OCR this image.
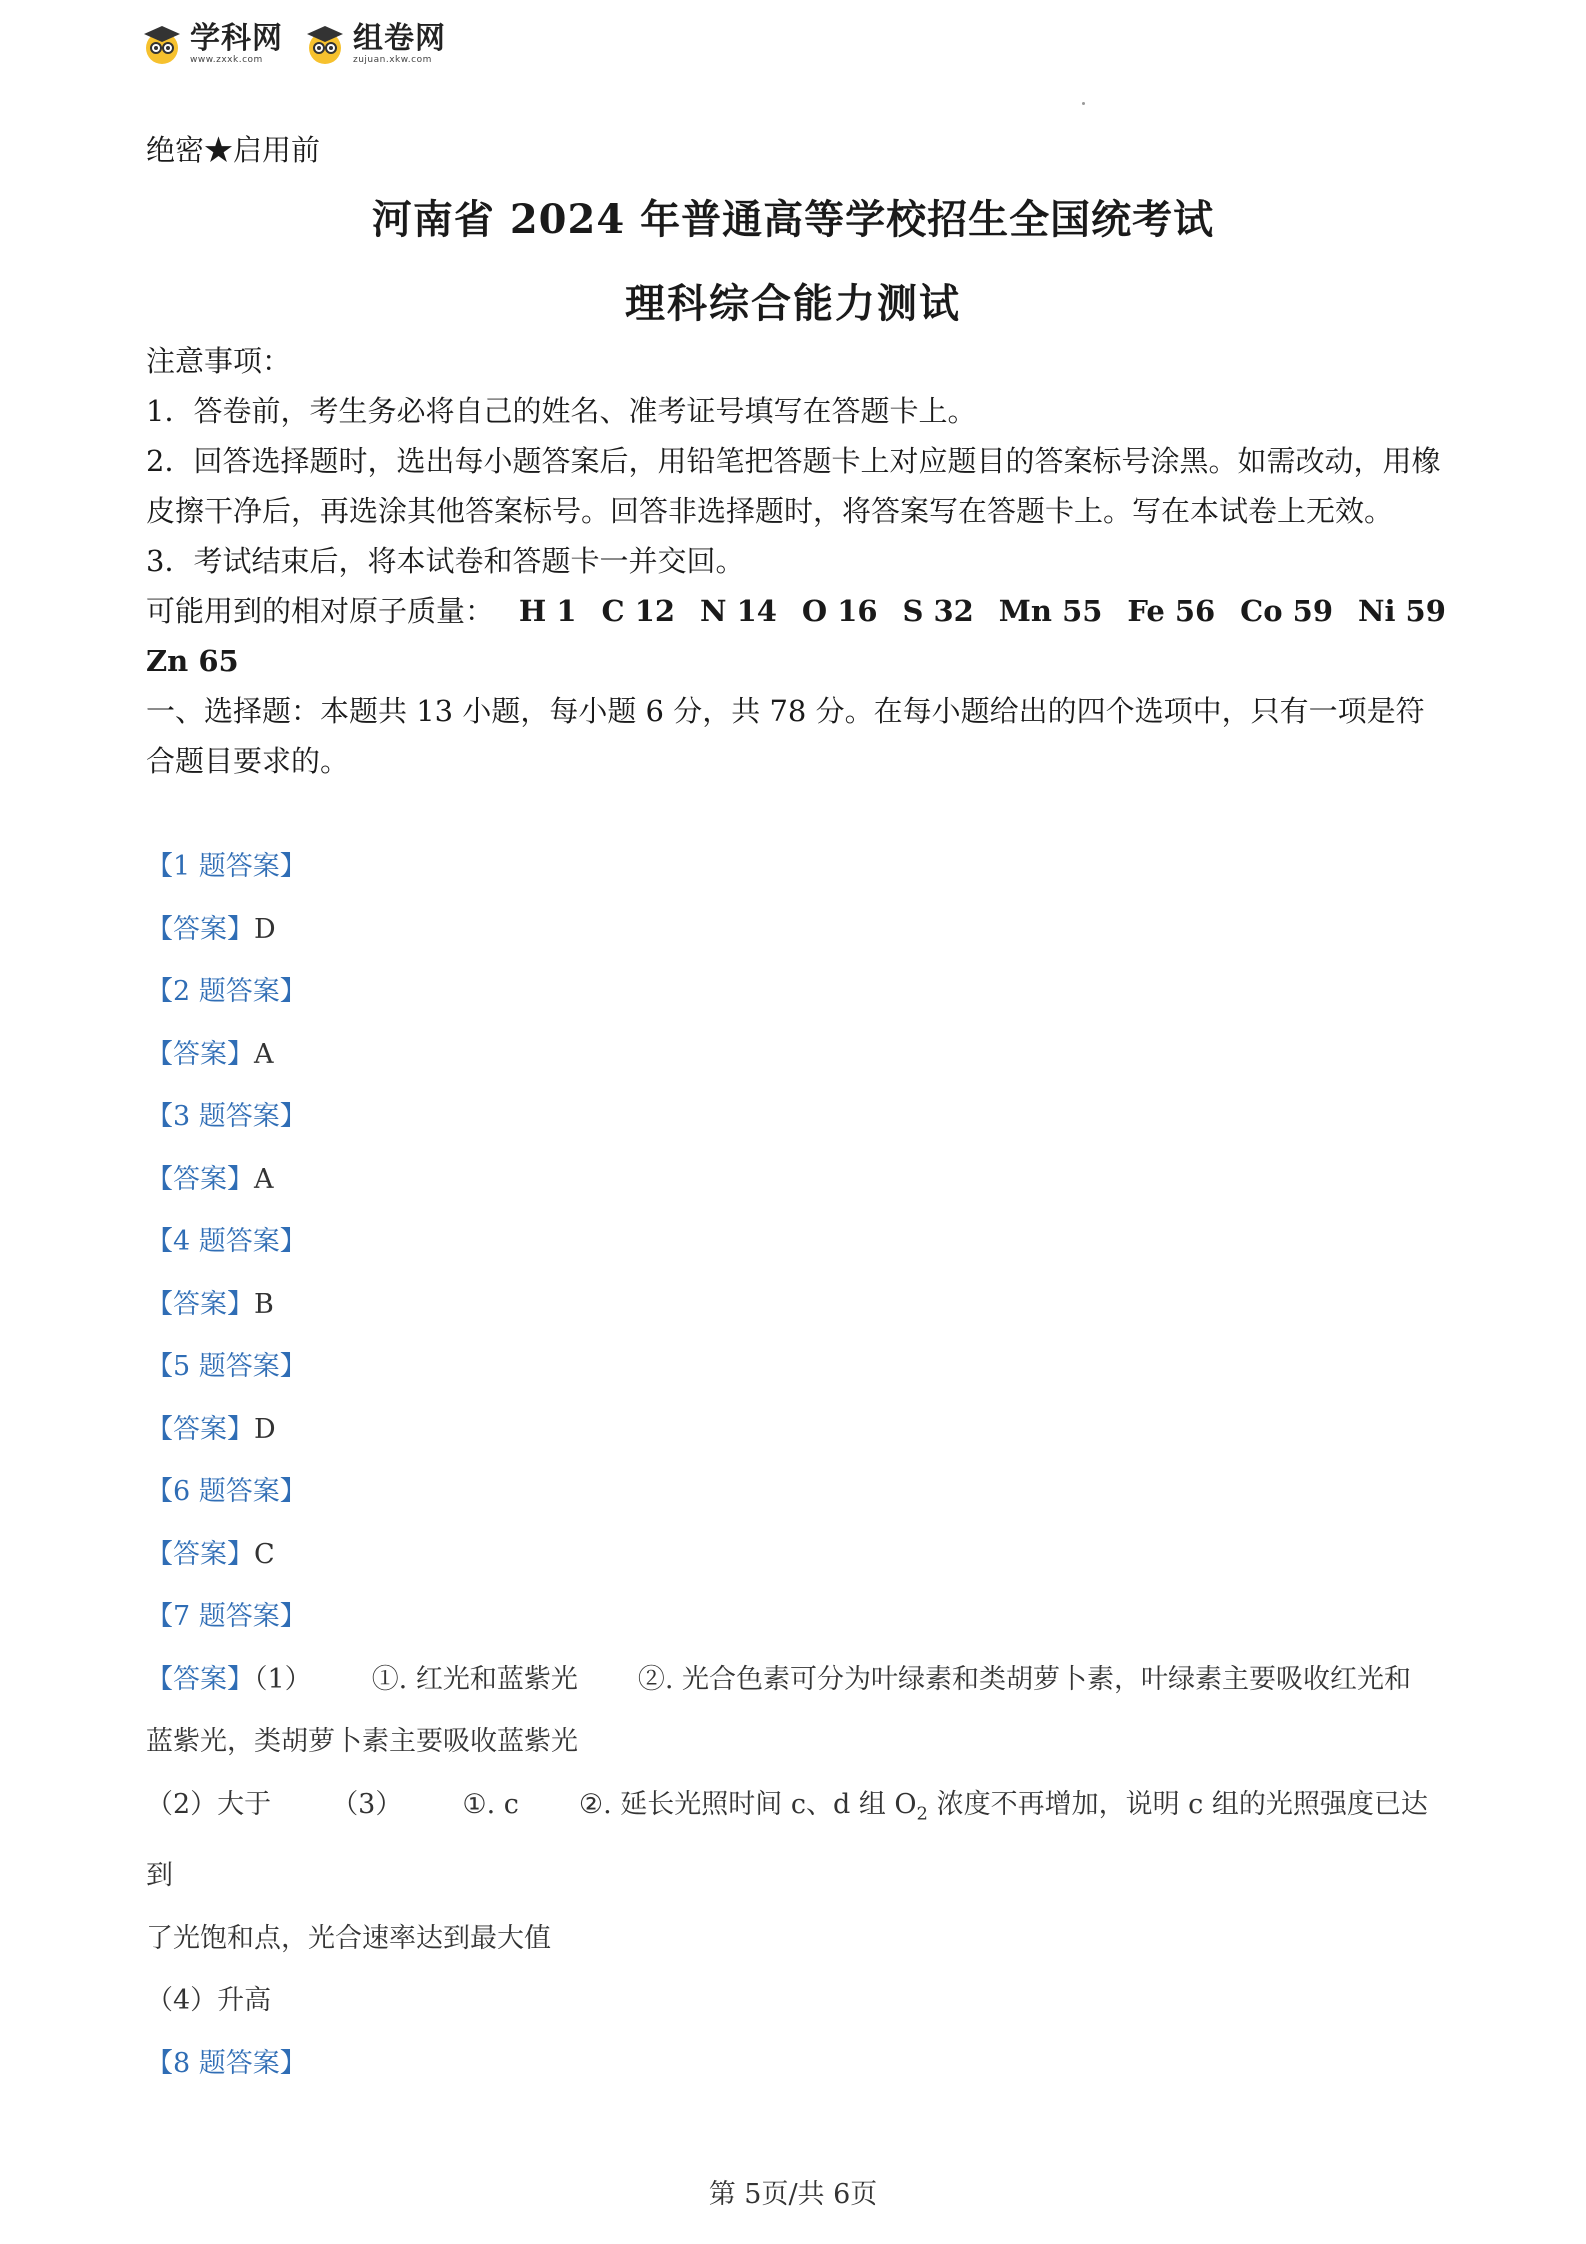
学科网
www.zxxk.com
组卷网
zujuan.xkw.com
绝密★启用前
河南省 2024 年普通高等学校招生全国统考试
理科综合能力测试

注意事项：

1．答卷前，考生务必将自己的姓名、准考证号填写在答题卡上。

2．回答选择题时，选出每小题答案后，用铅笔把答题卡上对应题目的答案标号涂黑。如需改动，用橡皮擦干净后，再选涂其他答案标号。回答非选择题时，将答案写在答题卡上。写在本试卷上无效。

3．考试结束后，将本试卷和答题卡一并交回。

可能用到的相对原子质量： H 1 C 12 N 14 O 16 S 32 Mn 55 Fe 56 Co 59 Ni 59

Zn 65

一、选择题：本题共 13 小题，每小题 6 分，共 78 分。在每小题给出的四个选项中，只有一项是符合题目要求的。

【1 题答案】
【答案】D
【2 题答案】
【答案】A
【3 题答案】
【答案】A
【4 题答案】
【答案】B
【5 题答案】
【答案】D
【6 题答案】
【答案】C
【7 题答案】
【答案】（1） ①. 红光和蓝紫光 ②. 光合色素可分为叶绿素和类胡萝卜素，叶绿素主要吸收红光和
蓝紫光，类胡萝卜素主要吸收蓝紫光
（2）大于 （3） ①. c ②. 延长光照时间 c、d 组 $O_2$ 浓度不再增加，说明 c 组的光照强度已达到
了光饱和点，光合速率达到最大值
（4）升高
【8 题答案】
第 5页/共 6页
